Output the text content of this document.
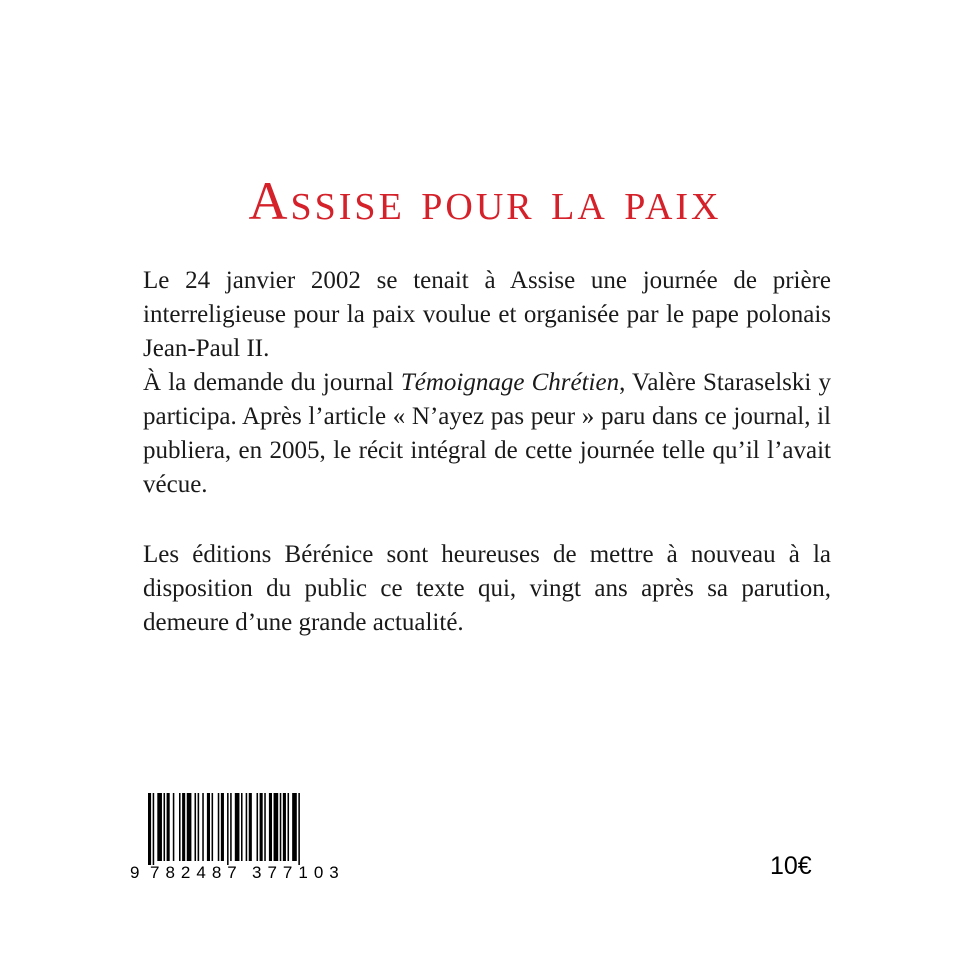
Assise pour la paix

Le 24 janvier 2002 se tenait à Assise une journée de prière interreligieuse pour la paix voulue et organisée par le pape polonais Jean-Paul II.

À la demande du journal Témoignage Chrétien, Valère Staraselski y participa. Après l’article « N’ayez pas peur » paru dans ce journal, il publiera, en 2005, le récit intégral de cette journée telle qu’il l’avait vécue.

Les éditions Bérénice sont heureuses de mettre à nouveau à la disposition du public ce texte qui, vingt ans après sa parution, demeure d’une grande actualité.

9 782487 377103	10€
